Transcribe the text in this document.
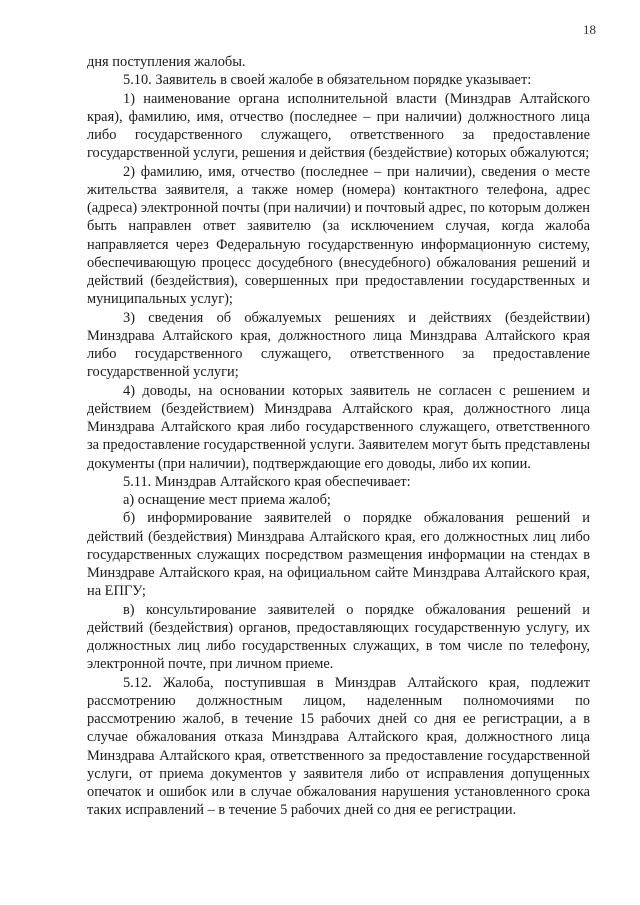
18

дня поступления жалобы.

5.10. Заявитель в своей жалобе в обязательном порядке указывает:

1) наименование органа исполнительной власти (Минздрав Алтайского края), фамилию, имя, отчество (последнее – при наличии) должностного лица либо государственного служащего, ответственного за предоставление государственной услуги, решения и действия (бездействие) которых обжалуются;

2) фамилию, имя, отчество (последнее – при наличии), сведения о месте жительства заявителя, а также номер (номера) контактного телефона, адрес (адреса) электронной почты (при наличии) и почтовый адрес, по которым должен быть направлен ответ заявителю (за исключением случая, когда жалоба направляется через Федеральную государственную информационную систему, обеспечивающую процесс досудебного (внесудебного) обжалования решений и действий (бездействия), совершенных при предоставлении государственных и муниципальных услуг);

3) сведения об обжалуемых решениях и действиях (бездействии) Минздрава Алтайского края, должностного лица Минздрава Алтайского края либо государственного служащего, ответственного за предоставление государственной услуги;

4) доводы, на основании которых заявитель не согласен с решением и действием (бездействием) Минздрава Алтайского края, должностного лица Минздрава Алтайского края либо государственного служащего, ответственного за предоставление государственной услуги. Заявителем могут быть представлены документы (при наличии), подтверждающие его доводы, либо их копии.

5.11. Минздрав Алтайского края обеспечивает:

а) оснащение мест приема жалоб;

б) информирование заявителей о порядке обжалования решений и действий (бездействия) Минздрава Алтайского края, его должностных лиц либо государственных служащих посредством размещения информации на стендах в Минздраве Алтайского края, на официальном сайте Минздрава Алтайского края, на ЕПГУ;

в) консультирование заявителей о порядке обжалования решений и действий (бездействия) органов, предоставляющих государственную услугу, их должностных лиц либо государственных служащих, в том числе по телефону, электронной почте, при личном приеме.

5.12. Жалоба, поступившая в Минздрав Алтайского края, подлежит рассмотрению должностным лицом, наделенным полномочиями по рассмотрению жалоб, в течение 15 рабочих дней со дня ее регистрации, а в случае обжалования отказа Минздрава Алтайского края, должностного лица Минздрава Алтайского края, ответственного за предоставление государственной услуги, от приема документов у заявителя либо от исправления допущенных опечаток и ошибок или в случае обжалования нарушения установленного срока таких исправлений – в течение 5 рабочих дней со дня ее регистрации.
